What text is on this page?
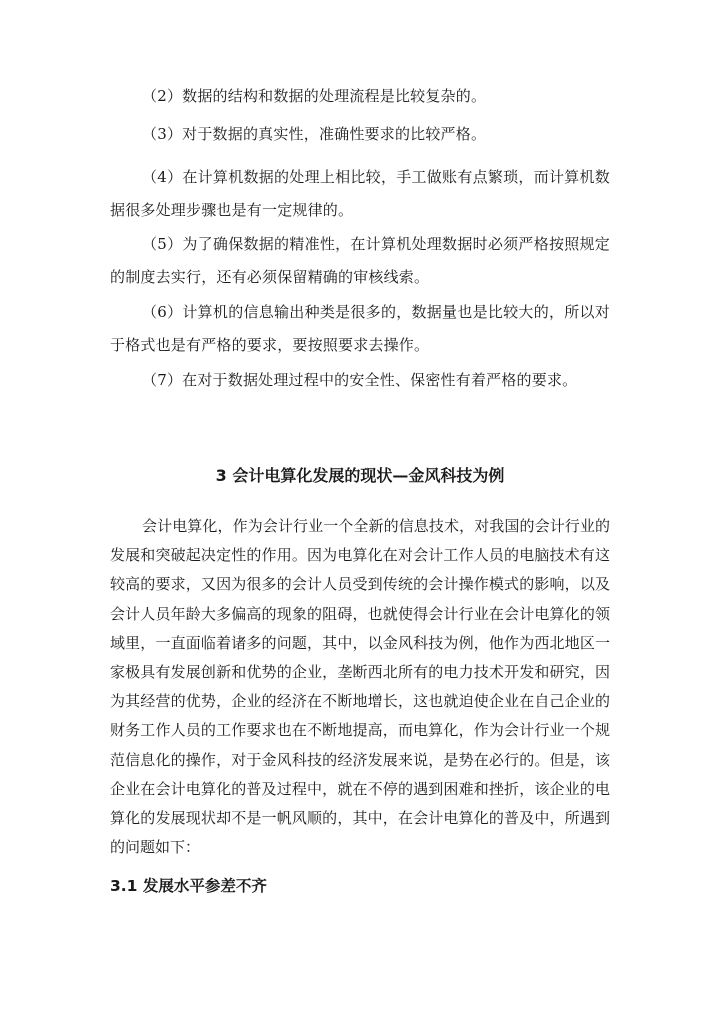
（2）数据的结构和数据的处理流程是比较复杂的。

（3）对于数据的真实性，准确性要求的比较严格。

（4）在计算机数据的处理上相比较，手工做账有点繁琐，而计算机数据很多处理步骤也是有一定规律的。

（5）为了确保数据的精准性，在计算机处理数据时必须严格按照规定的制度去实行，还有必须保留精确的审核线索。

（6）计算机的信息输出种类是很多的，数据量也是比较大的，所以对于格式也是有严格的要求，要按照要求去操作。

（7）在对于数据处理过程中的安全性、保密性有着严格的要求。

3 会计电算化发展的现状—金风科技为例

会计电算化，作为会计行业一个全新的信息技术，对我国的会计行业的发展和突破起决定性的作用。因为电算化在对会计工作人员的电脑技术有这较高的要求，又因为很多的会计人员受到传统的会计操作模式的影响，以及会计人员年龄大多偏高的现象的阻碍，也就使得会计行业在会计电算化的领域里，一直面临着诸多的问题，其中，以金风科技为例，他作为西北地区一家极具有发展创新和优势的企业，垄断西北所有的电力技术开发和研究，因为其经营的优势，企业的经济在不断地增长，这也就迫使企业在自己企业的财务工作人员的工作要求也在不断地提高，而电算化，作为会计行业一个规范信息化的操作，对于金风科技的经济发展来说，是势在必行的。但是，该企业在会计电算化的普及过程中，就在不停的遇到困难和挫折，该企业的电算化的发展现状却不是一帆风顺的，其中，在会计电算化的普及中，所遇到的问题如下：

3.1 发展水平参差不齐
